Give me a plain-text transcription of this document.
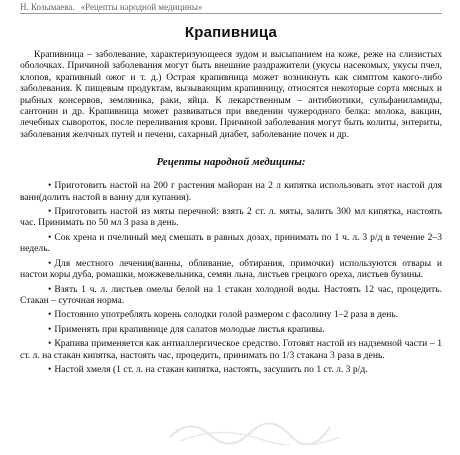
Н. Козымаева. «Рецепты народной медицины»
Крапивница

Крапивница – заболевание, характеризующееся зудом и высыпанием на коже, реже на слизистых оболочках. Причиной заболевания могут быть внешние раздражители (укусы насекомых, укусы пчел, клопов, крапивный ожог и т. д.) Острая крапивница может возникнуть как симптом какого-либо заболевания. К пищевым продуктам, вызывающим крапивницу, относятся некоторые сорта мясных и рыбных консервов, земляника, раки, яйца. К лекарственным – антибиотики, сульфаниламиды, сантонин и др. Крапивница может развиваться при введении чужеродного белка: молока, вакцин, лечебных сывороток, после переливания крови. Причиной заболевания могут быть колиты, энтериты, заболевания желчных путей и печени, сахарный диабет, заболевание почек и др.

Рецепты народной медицины:
• Приготовить настой на 200 г растения майоран на 2 л кипятка использовать этот настой для ванн(долить настой в ванну для купания).
• Приготовить настой из мяты перечной: взять 2 ст. л. мяты, залить 300 мл кипятка, настоять час. Принимать по 50 мл 3 раза в день.
• Сок хрена и пчелиный мед смешать в равных дозах, принимать по 1 ч. л. 3 р/д в течение 2–3 недель.
• Для местного лечения(ванны, обливание, обтирания, примочки) используются отвары и настои коры дуба, ромашки, можжевельника, семян льна, листьев грецкого ореха, листьев бузины.
• Взять 1 ч. л. листьев омелы белой на 1 стакан холодной воды. Настоять 12 час, процедить. Стакан – суточная норма.
• Постоянно употреблять корень солодки голой размером с фасолину 1–2 раза в день.
• Применять при крапивнице для салатов молодые листья крапивы.
• Крапива применяется как антиаллергическое средство. Готовят настой из надземной части – 1 ст. л. на стакан кипятка, настоять час, процедить, принимать по 1/3 стакана 3 раза в день.
• Настой хмеля (1 ст. л. на стакан кипятка, настоять, засушить по 1 ст. л. 3 р/д.
